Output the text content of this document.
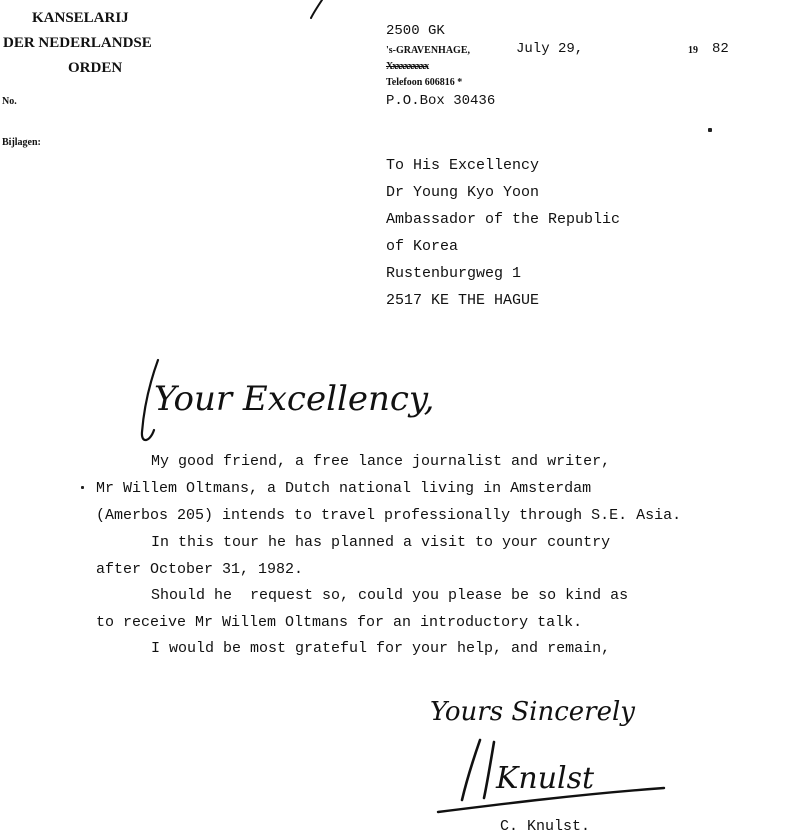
KANSELARIJ
DER NEDERLANDSE
ORDEN
No.
Bijlagen:
2500 GK
's-GRAVENHAGE,	July 29,	19 82
Xxxxxxxxxx
Telefoon 606816 *
P.O.Box 30436
To His Excellency
Dr Young Kyo Yoon
Ambassador of the Republic
of Korea
Rustenburgweg 1
2517 KE THE HAGUE
Your Excellency,
My good friend, a free lance journalist and writer,
Mr Willem Oltmans, a Dutch national living in Amsterdam
(Amerbos 205) intends to travel professionally through S.E. Asia.
In this tour he has planned a visit to your country
after October 31, 1982.
Should he  request so, could you please be so kind as
to receive Mr Willem Oltmans for an introductory talk.
I would be most grateful for your help, and remain,
Yours Sincerely
Knulst
C. Knulst.
